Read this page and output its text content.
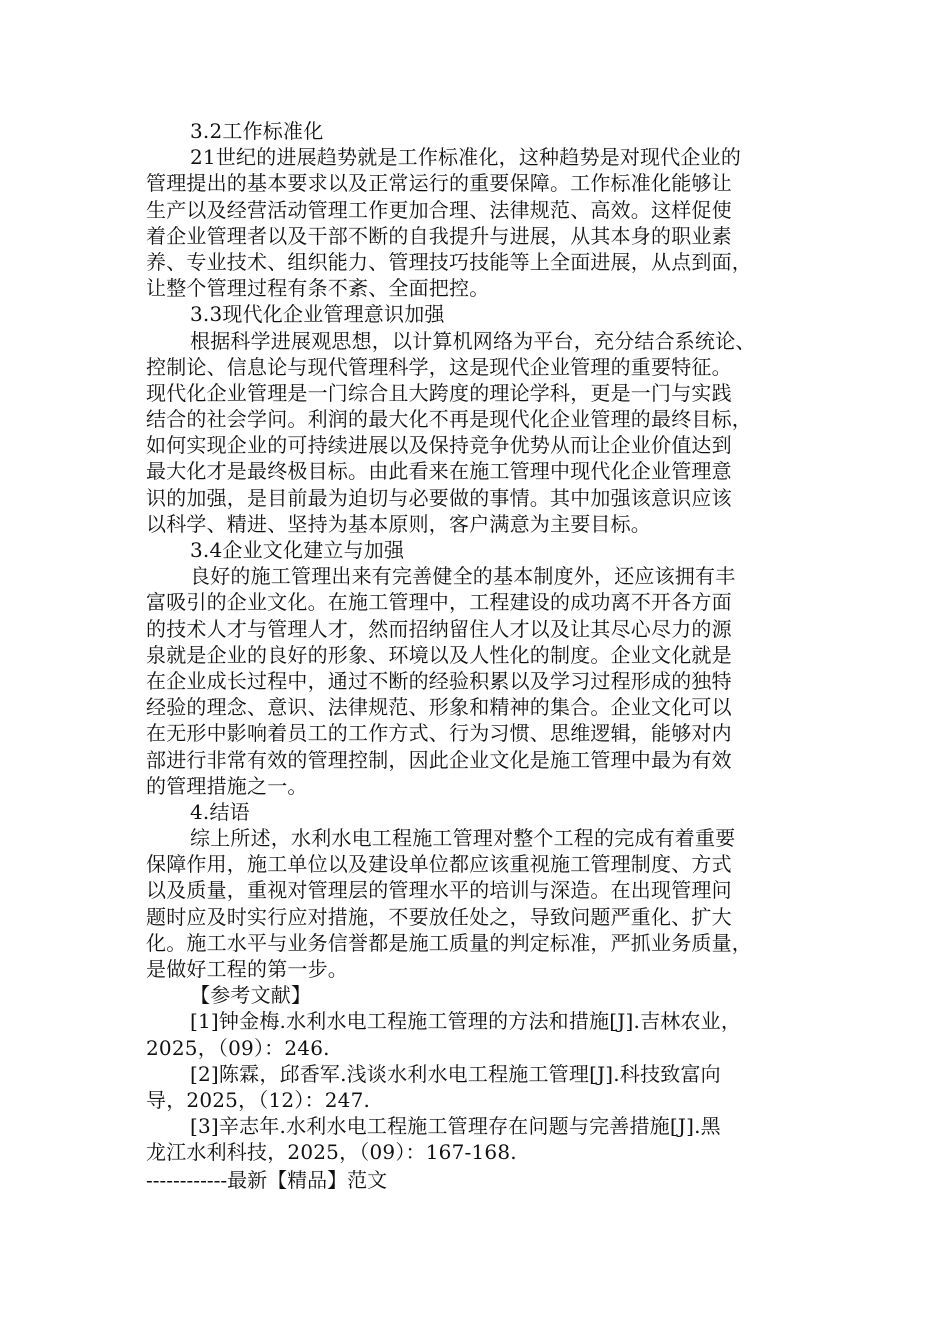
3.2工作标准化
21世纪的进展趋势就是工作标准化，这种趋势是对现代企业的
管理提出的基本要求以及正常运行的重要保障。工作标准化能够让
生产以及经营活动管理工作更加合理、法律规范、高效。这样促使
着企业管理者以及干部不断的自我提升与进展，从其本身的职业素
养、专业技术、组织能力、管理技巧技能等上全面进展，从点到面，
让整个管理过程有条不紊、全面把控。
3.3现代化企业管理意识加强
根据科学进展观思想，以计算机网络为平台，充分结合系统论、
控制论、信息论与现代管理科学，这是现代企业管理的重要特征。
现代化企业管理是一门综合且大跨度的理论学科，更是一门与实践
结合的社会学问。利润的最大化不再是现代化企业管理的最终目标，
如何实现企业的可持续进展以及保持竞争优势从而让企业价值达到
最大化才是最终极目标。由此看来在施工管理中现代化企业管理意
识的加强，是目前最为迫切与必要做的事情。其中加强该意识应该
以科学、精进、坚持为基本原则，客户满意为主要目标。
3.4企业文化建立与加强
良好的施工管理出来有完善健全的基本制度外，还应该拥有丰
富吸引的企业文化。在施工管理中，工程建设的成功离不开各方面
的技术人才与管理人才，然而招纳留住人才以及让其尽心尽力的源
泉就是企业的良好的形象、环境以及人性化的制度。企业文化就是
在企业成长过程中，通过不断的经验积累以及学习过程形成的独特
经验的理念、意识、法律规范、形象和精神的集合。企业文化可以
在无形中影响着员工的工作方式、行为习惯、思维逻辑，能够对内
部进行非常有效的管理控制，因此企业文化是施工管理中最为有效
的管理措施之一。
4.结语
综上所述，水利水电工程施工管理对整个工程的完成有着重要
保障作用，施工单位以及建设单位都应该重视施工管理制度、方式
以及质量，重视对管理层的管理水平的培训与深造。在出现管理问
题时应及时实行应对措施，不要放任处之，导致问题严重化、扩大
化。施工水平与业务信誉都是施工质量的判定标准，严抓业务质量，
是做好工程的第一步。
【参考文献】
[1]钟金梅.水利水电工程施工管理的方法和措施[J].吉林农业，
2025，（09）：246.
[2]陈霖，邱香军.浅谈水利水电工程施工管理[J].科技致富向
导，2025，（12）：247.
[3]辛志年.水利水电工程施工管理存在问题与完善措施[J].黑
龙江水利科技，2025，（09）：167-168.
------------最新【精品】范文
